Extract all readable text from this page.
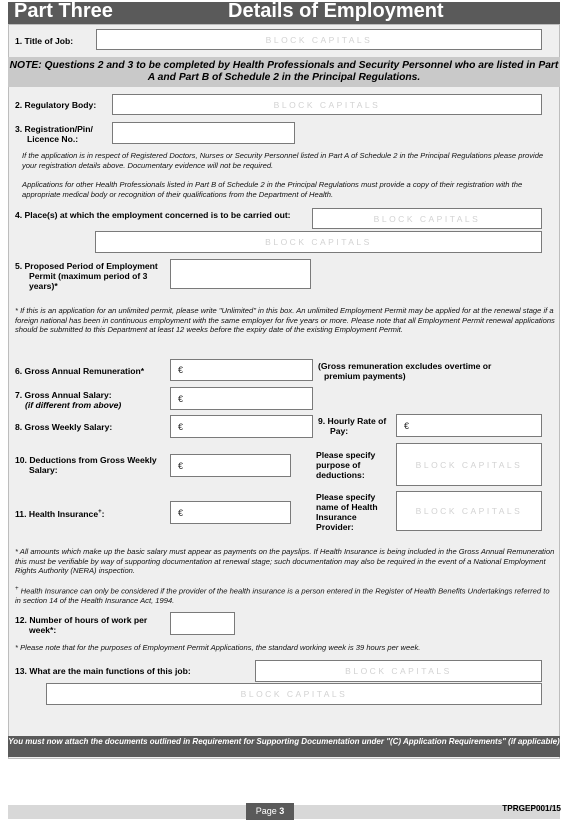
Part Three	Details of Employment
1. Title of Job:	BLOCK CAPITALS

NOTE: Questions 2 and 3 to be completed by Health Professionals and Security Personnel who are listed in Part A and Part B of Schedule 2 in the Principal Regulations.

2. Regulatory Body:	BLOCK CAPITALS
3. Registration/Pin/
Licence No.:
If the application is in respect of Registered Doctors, Nurses or Security Personnel listed in Part A of Schedule 2 in the Principal Regulations please provide your registration details above. Documentary evidence will not be required.
Applications for other Health Professionals listed in Part B of Schedule 2 in the Principal Regulations must provide a copy of their registration with the appropriate medical body or recognition of their qualifications from the Department of Health.
4. Place(s) at which the employment concerned is to be carried out:	BLOCK CAPITALS
BLOCK CAPITALS
5. Proposed Period of Employment
Permit (maximum period of 3
years)*
* If this is an application for an unlimited permit, please write "Unlimited" in this box. An unlimited Employment Permit may be applied for at the renewal stage if a foreign national has been in continuous employment with the same employer for five years or more. Please note that all Employment Permit renewal applications should be submitted to this Department at least 12 weeks before the expiry date of the existing Employment Permit.
6. Gross Annual Remuneration*	€	(Gross remuneration excludes overtime or
premium payments)
7. Gross Annual Salary:
(if different from above)
€
8. Gross Weekly Salary:	€
9. Hourly Rate of
Pay:
€
10. Deductions from Gross Weekly
Salary:	€
Please specify
purpose of
deductions:
BLOCK CAPITALS
11. Health Insurance+:	€
Please specify
name of Health
Insurance
Provider:
BLOCK CAPITALS
* All amounts which make up the basic salary must appear as payments on the payslips. If Health Insurance is being included in the Gross Annual Remuneration this must be verifiable by way of supporting documentation at renewal stage; such documentation may also be required in the event of a National Employment Rights Authority (NERA) inspection.
+ Health Insurance can only be considered if the provider of the health insurance is a person entered in the Register of Health Benefits Undertakings referred to in section 14 of the Health Insurance Act, 1994.
12. Number of hours of work per
week*:
* Please note that for the purposes of Employment Permit Applications, the standard working week is 39 hours per week.
13. What are the main functions of this job:	BLOCK CAPITALS
BLOCK CAPITALS

You must now attach the documents outlined in Requirement for Supporting Documentation under "(C) Application Requirements" (if applicable)

Page 3	TPRGEP001/15
